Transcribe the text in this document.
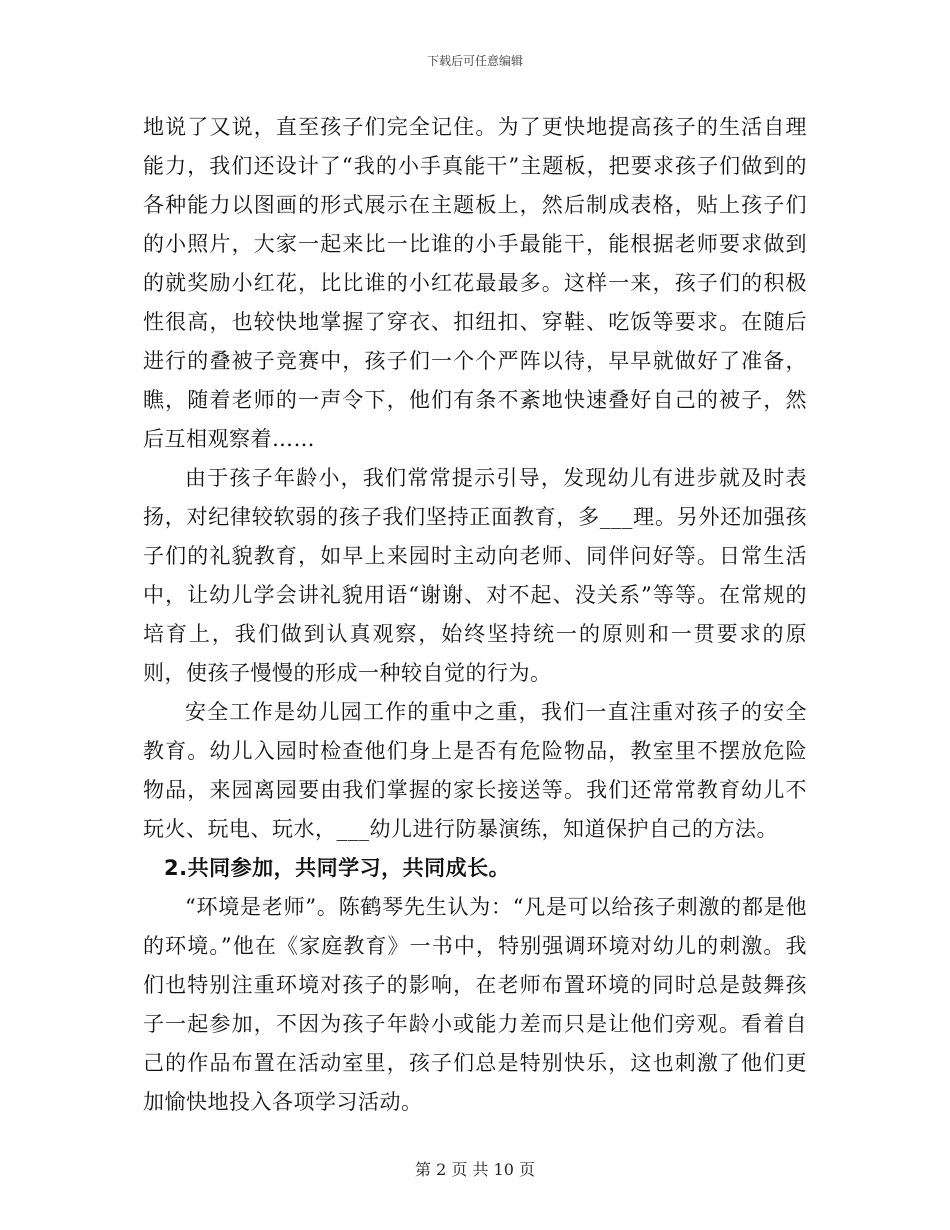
下载后可任意编辑

地说了又说，直至孩子们完全记住。为了更快地提高孩子的生活自理能力，我们还设计了“我的小手真能干”主题板，把要求孩子们做到的各种能力以图画的形式展示在主题板上，然后制成表格，贴上孩子们的小照片，大家一起来比一比谁的小手最能干，能根据老师要求做到的就奖励小红花，比比谁的小红花最最多。这样一来，孩子们的积极性很高，也较快地掌握了穿衣、扣纽扣、穿鞋、吃饭等要求。在随后进行的叠被子竞赛中，孩子们一个个严阵以待，早早就做好了准备，瞧，随着老师的一声令下，他们有条不紊地快速叠好自己的被子，然后互相观察着……

由于孩子年龄小，我们常常提示引导，发现幼儿有进步就及时表扬，对纪律较软弱的孩子我们坚持正面教育，多___理。另外还加强孩子们的礼貌教育，如早上来园时主动向老师、同伴问好等。日常生活中，让幼儿学会讲礼貌用语“谢谢、对不起、没关系”等等。在常规的培育上，我们做到认真观察，始终坚持统一的原则和一贯要求的原则，使孩子慢慢的形成一种较自觉的行为。

安全工作是幼儿园工作的重中之重，我们一直注重对孩子的安全教育。幼儿入园时检查他们身上是否有危险物品，教室里不摆放危险物品，来园离园要由我们掌握的家长接送等。我们还常常教育幼儿不玩火、玩电、玩水，___幼儿进行防暴演练，知道保护自己的方法。

2.共同参加，共同学习，共同成长。

“环境是老师”。陈鹤琴先生认为：“凡是可以给孩子刺激的都是他的环境。”他在《家庭教育》一书中，特别强调环境对幼儿的刺激。我们也特别注重环境对孩子的影响，在老师布置环境的同时总是鼓舞孩子一起参加，不因为孩子年龄小或能力差而只是让他们旁观。看着自己的作品布置在活动室里，孩子们总是特别快乐，这也刺激了他们更加愉快地投入各项学习活动。

第 2 页 共 10 页
